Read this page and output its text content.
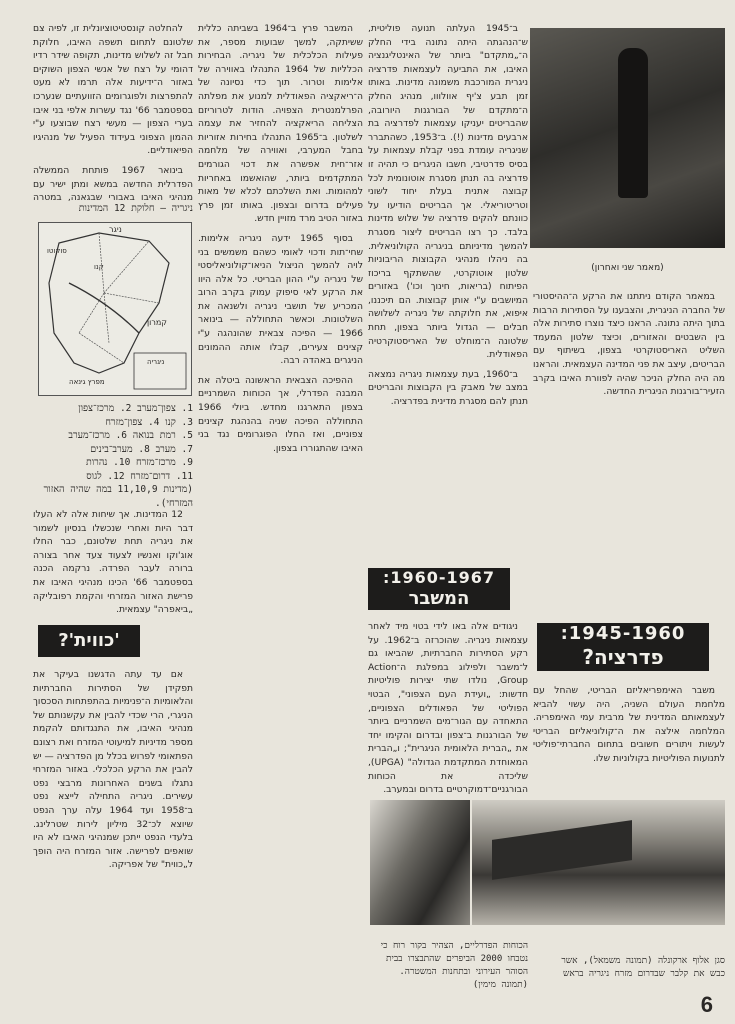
(מאמר שני ואחרון)

במאמר הקודם ניתתנו את הרקע ה־ההיסטורי של החברה הניגרית, והצבענו על הסתירות הרבות בתוך היתה נתונה. הראנו כיצד נוצרו סתירות אלה בין השבטים והאזורים, וכיצד שלטון המעמד השליט האריסטוקרטי בצפון, בשיתוף עם הבריטים, עיצב את פני המדינה העצמאית. והראנו מה היה החלק הניכר שהיה לפוורת האיבו בקרב הזעיר־בורגנות הניגרית החדשה.

1945-1960:
פדרציה?

משבר האימפריאליזם הבריטי, שהחל עם מלחמת העולם השניה, היה עשוי להביא לעצמאותם המדינית של מרבית עמי האימפריה. המלחמה אילצה את ה־קולוניאליזם הבריטי לעשות ויתורים חשובים בתחום החברתי־פוליטי לתנועות הפוליטיות בקולוניות שלו.

ב־1945 העלתה תנועה פוליטית, ש־הנהגתה היתה נתונה בידי החלק ה־„מתקדם" ביותר של האינטליגנציה האיבו, את התביעה לעצמאות פדרציה ניגרית המורכבת משמונה מדינות. באותו זמן תבע צ'יף אוולווו, מנהיג החלק ה־מתקדם של הבורגנות היורובה, שהבריטים יעניקו עצמאות לפדרציה בת ארבעים מדינות (!). ב־1953, כשהתברר שניגריה עומדת בפני קבלת עצמאות על בסיס פדרטיבי, חשבו הניגרים כי תהיה זו פדרציה בה תנתן מסגרת אוטונומית לכל קבוצה אתנית בעלת יחוד לשוני וטריטוריאלי. אך הבריטים הודיעו על כוונתם להקים פדרציה של שלוש מדינות בלבד. כך רצו הבריטים ליצור מסגרת להמשך מדיניותם בניגריה הקולוניאלית. בה ניהלו מנהיגי הקבוצות הריבוניות שלטון אוטוקרטי, שהשתקף בריכוז הפיתוח (בריאות, חינוך וכו') באזורים המיושבים ע"י אותן קבוצות. הם תיכננו, איפוא, את חלוקתה של ניגריה לשלושה חבלים — הגדול ביותר בצפון, תחת שלטונה ה־מוחלט של האריסטוקרטיה הפאודלית.

ב־1960, בעת עצמאות ניגריה נמצאה במצב של מאבק בין הקבוצות והבריטים תנתן להם מסגרת מדינית בפדרציה.

1960-1967:
המשבר

ניגודים אלה באו לידי בטוי מיד לאחר עצמאות ניגריה. שהוכרזה ב־1962. על רקע הסתירות החברתיות, שהביאו גם ל־משבר ולפילוג במפלגת ה־Action Group, נולדו שתי יצירות פוליטיות חדשות: „ועידת העם הצפוני", הבטוי הפוליטי של הפאודלים הצפוניים, התאחדה עם הגור־מים השמרניים ביותר של הבורגנות ב־צפון ובדרום והקימו יחד את „הברית הלאומית הניגרית"; ו„הברית המאוחדת המתקדמת הגדולה" (UPGA), שליכדה את הכוחות הבורגניים־דמוקרטיים בדרום ובמערב.

סגן אלוף ארקונלה (תמונה משמאל), אשר כבש את קלבר שבדרום מזרח ניגריה בראש
הכוחות הפדרליים, הצהיר בקור רוח כי נטבחו 2000 הביפרים שהתבצרו בבית הסוהר העירוני ובתחנות המשטרה. (תמונה מימין)

המשבר פרץ ב־1964 בשביתה כללית ששיתקה, למשך שבועות מספר, את פעילות הכלכלית של ניגריה. הבחירות הכלליות של 1964 התנהלו באווירה של אלימות וטרור. תוך כדי נסיונה של ה־ריאקציה הפאודלית למנוע את מפלתה הפרלמנטרית הצפויה. הודות לטרוריזם הצליחה הריאקציה להחזיר את עצמה לשלטון. ב־1965 התנהלו בחירות אזוריות בחבל המערבי, ואווירה של מלחמה אזר־חית אפשרה את דכוי הגורמים המתקדמים ביותר, שהואשמו באחריות למהומות. ואת השלכתם לכלא של מאות פעילים בדרום ובצפון. באותו זמן פרץ באזור הטיב מרד מזויין חדש.

בסוף 1965 ידעה ניגריה אלימות. שחי־תות ודכוי לאומי כשהם משמשים בני לויה להמשך הניצול הניאו־קולוניאליסטי של ניגריה ע"י ההון הבריטי. כל אלה היוו את הרקע לאי סיפוק עמוק בקרב הרוב המכריע של תושבי ניגריה ולשנאה את השלטונות. וכאשר התחוללה — בינואר 1966 — הפיכה צבאית שהונהגה ע"י קצינים צעירים, קבלו אותה ההמונים הניגרים באהדה רבה.

ההפיכה הצבאית הראשונה ביטלה את המבנה הפדרלי, אך הכוחות השמרניים בצפון התארגנו מחדש. ביולי 1966 התחוללה הפיכה שניה בהנהגת קצינים צפוניים, ואז החלו הפוגרומים נגד בני האיבו שהתגוררו בצפון.

להחלטה קונסטיטוציונלית זו, לפיה צם שלטונם לתחום תשפה האיבו, חלוקת חבל זה לשלוש מדינות, תקופה שידר רדיו דהומי על רצח של אנשי הצפון השוקים באזור ה־ידיעות אלה תרמו לא מעט להתפרצות ולפוגרומים הזוועתיים שנערכו בספטמבר 66' נגד עשרות אלפי בני איבו בערי הצפון — מעשי רצח שבוצעו ע"י ההמון הצפוני בעידוד הפעיל של מנהיגיו הפיאודליים.

בינואר 1967 פותחת הממשלה הפדרלית החדשה במשא ומתן ישיר עם מנהיגי האיבו באבורי שבגאנה, במטרה

ניגריה — חלוקת 12 המדינות
ניגר
סוקוטו
קנו
קמרון
ניגריה
מפרץ גינאה
1. צפון־מערב 2. מרכז־צפון
3. קנו 4. צפון־מזרח
5. רמת בנואה 6. מרכז־מערב
7. מערב 8. מערב־בינים
9. מרכז־מזרח 10. נהרות
11. דרום־מזרח 12. לגוס
(מדינות 11,10,9 במה שהיה האזור המזרחי).

12 המדינות. אך שיחות אלה לא העלו דבר היות ואחרי שנכשלו בנסיון לשמור את ניגריה תחת שלטונם, כבר החלו אוג'וקו ואנשיו לצעוד צעד אחר בצורה ברורה לעבר הפרדה. נרקמה הכנה בספטמבר 66' הכינו מנהיגי האיבו את פרישת האזור המזרחי והקמת רפובליקה „ביאפרה" עצמאית.

'כווית'?

אם עד עתה הדגשנו בעיקר את תפקידן של הסתירות החברתיות והלאומיות ה־פנימיות בהתפתחות הסכסוך הניגרי, הרי שכדי להבין את עקשנותם של מנהיגי האיבו, את התנגדותם להקמת מספר מדיניות למיעוטי המזרח ואת רצונם הפתאומי לפרוש בכלל מן הפדרציה — יש להבין את הרקע הכלכלי. באזור המזרחי נתגלו בשנים האחרונות מרבצי נפט עשירים. ניגריה התחילה לייצא נפט ב־1958 ועד 1964 עלה ערך הנפט שיוצא לכ־32 מיליון לירות שטרלינג. בלעדי הנפט ייתכן שמנהיגי האיבו לא היו שואפים לפרישה. אזור המזרח היה הופך ל„כווית" של אפריקה.

6
